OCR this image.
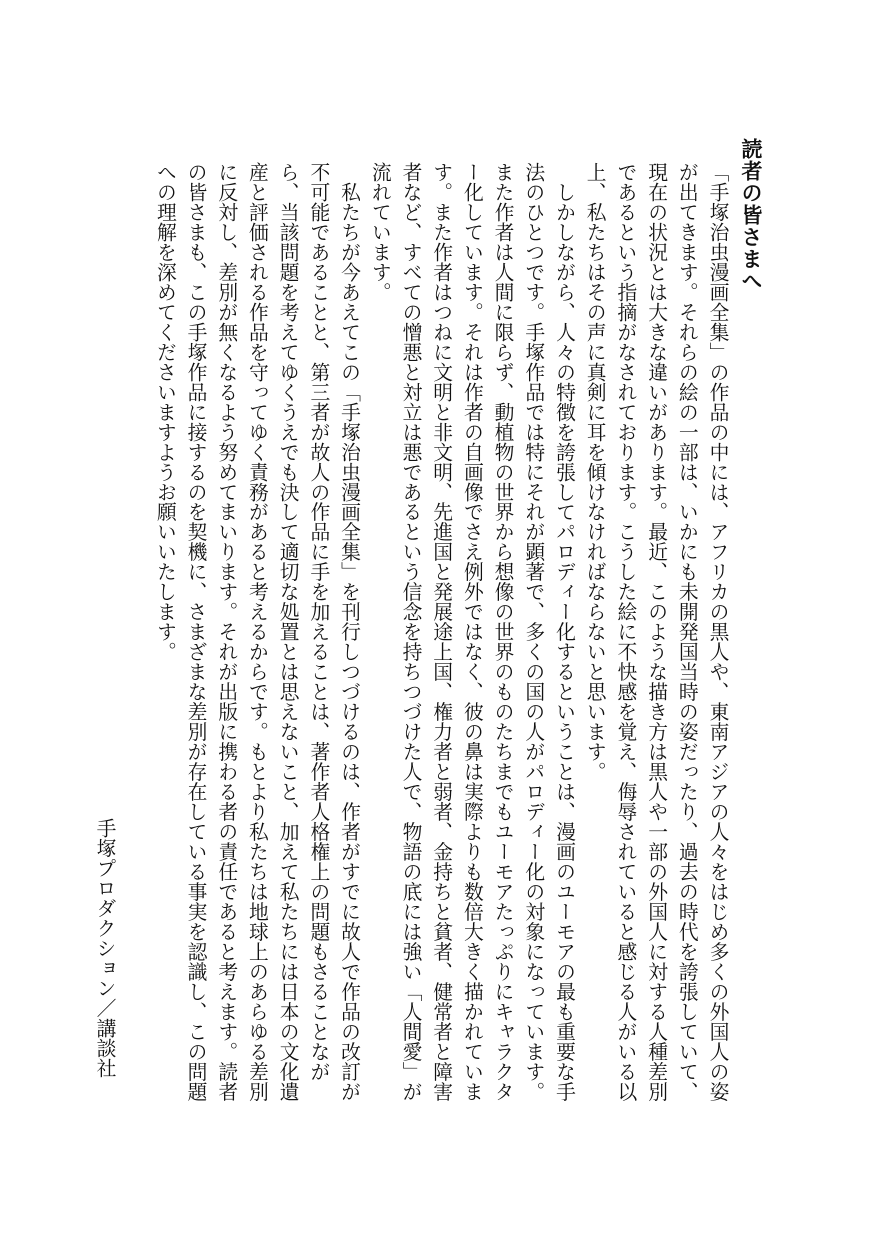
読者の皆さまへ

「手塚治虫漫画全集」の作品の中には、アフリカの黒人や、東南アジアの人々をはじめ多くの外国人の姿が出てきます。それらの絵の一部は、いかにも未開発国当時の姿だったり、過去の時代を誇張していて、現在の状況とは大きな違いがあります。最近、このような描き方は黒人や一部の外国人に対する人種差別であるという指摘がなされております。こうした絵に不快感を覚え、侮辱されていると感じる人がいる以上、私たちはその声に真剣に耳を傾けなければならないと思います。

しかしながら、人々の特徴を誇張してパロディー化するということは、漫画のユーモアの最も重要な手法のひとつです。手塚作品では特にそれが顕著で、多くの国の人がパロディー化の対象になっています。また作者は人間に限らず、動植物の世界から想像の世界のものたちまでもユーモアたっぷりにキャラクター化しています。それは作者の自画像でさえ例外ではなく、彼の鼻は実際よりも数倍大きく描かれています。また作者はつねに文明と非文明、先進国と発展途上国、権力者と弱者、金持ちと貧者、健常者と障害者など、すべての憎悪と対立は悪であるという信念を持ちつづけた人で、物語の底には強い「人間愛」が流れています。

私たちが今あえてこの「手塚治虫漫画全集」を刊行しつづけるのは、作者がすでに故人で作品の改訂が不可能であることと、第三者が故人の作品に手を加えることは、著作者人格権上の問題もさることながら、当該問題を考えてゆくうえでも決して適切な処置とは思えないこと、加えて私たちには日本の文化遺産と評価される作品を守ってゆく責務があると考えるからです。もとより私たちは地球上のあらゆる差別に反対し、差別が無くなるよう努めてまいります。それが出版に携わる者の責任であると考えます。読者の皆さまも、この手塚作品に接するのを契機に、さまざまな差別が存在している事実を認識し、この問題への理解を深めてくださいますようお願いいたします。

手塚プロダクション／講談社
